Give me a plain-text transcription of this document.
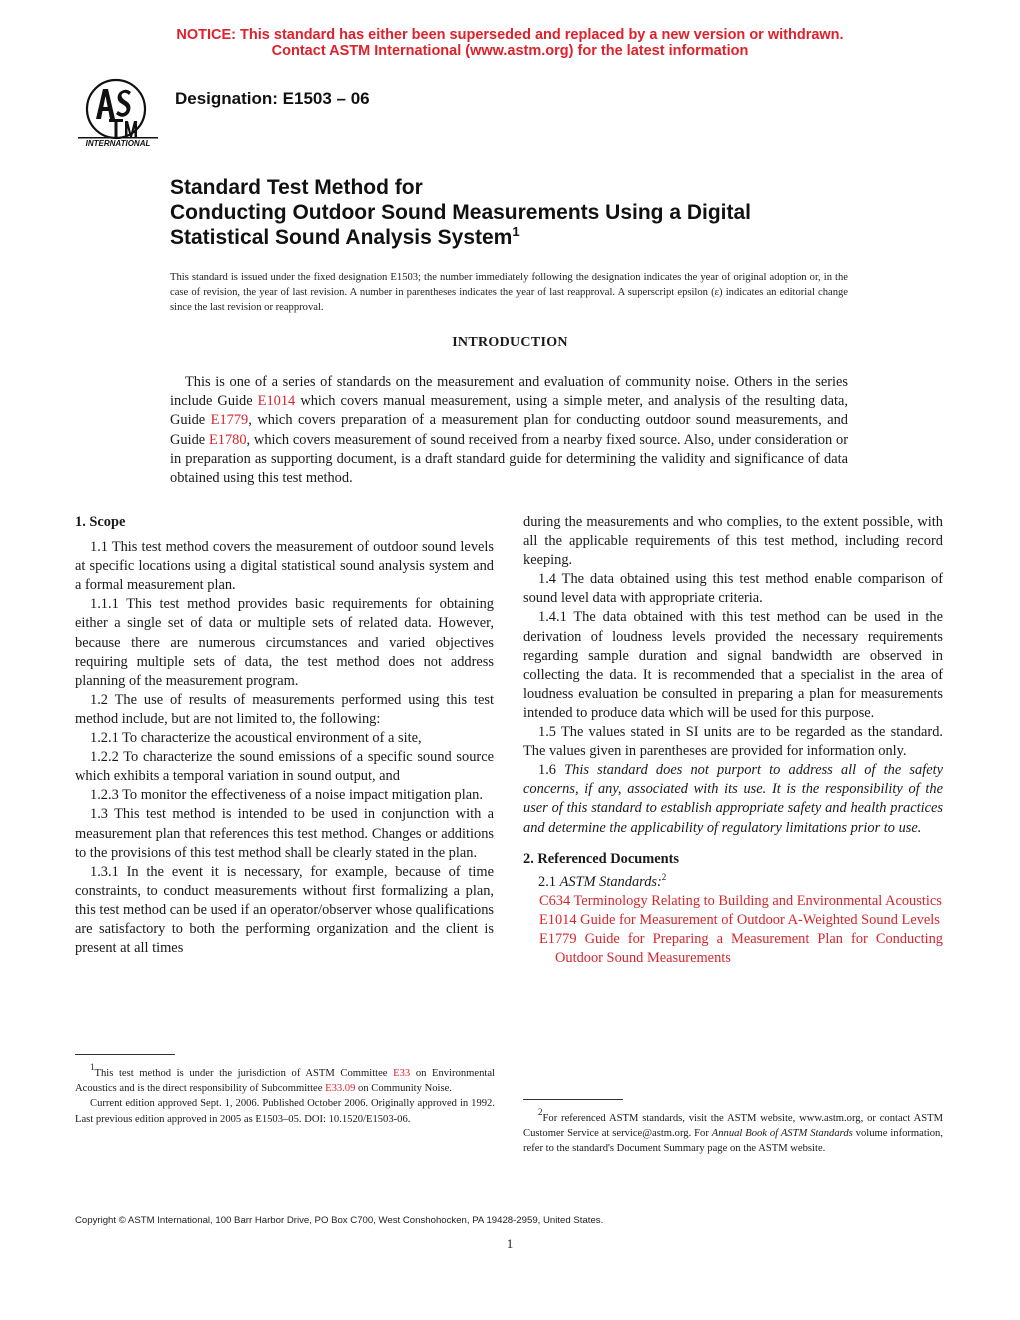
NOTICE: This standard has either been superseded and replaced by a new version or withdrawn.
Contact ASTM International (www.astm.org) for the latest information
INTERNATIONAL
Designation: E1503 – 06
Standard Test Method for
Conducting Outdoor Sound Measurements Using a Digital
Statistical Sound Analysis System$^1$
This standard is issued under the fixed designation E1503; the number immediately following the designation indicates the year of original adoption or, in the case of revision, the year of last revision. A number in parentheses indicates the year of last reapproval. A superscript epsilon (ε) indicates an editorial change since the last revision or reapproval.
INTRODUCTION
This is one of a series of standards on the measurement and evaluation of community noise. Others in the series include Guide E1014 which covers manual measurement, using a simple meter, and analysis of the resulting data, Guide E1779, which covers preparation of a measurement plan for conducting outdoor sound measurements, and Guide E1780, which covers measurement of sound received from a nearby fixed source. Also, under consideration or in preparation as supporting document, is a draft standard guide for determining the validity and significance of data obtained using this test method.
1. Scope

1.1 This test method covers the measurement of outdoor sound levels at specific locations using a digital statistical sound analysis system and a formal measurement plan.

1.1.1 This test method provides basic requirements for obtaining either a single set of data or multiple sets of related data. However, because there are numerous circumstances and varied objectives requiring multiple sets of data, the test method does not address planning of the measurement program.

1.2 The use of results of measurements performed using this test method include, but are not limited to, the following:

1.2.1 To characterize the acoustical environment of a site,

1.2.2 To characterize the sound emissions of a specific sound source which exhibits a temporal variation in sound output, and

1.2.3 To monitor the effectiveness of a noise impact mitigation plan.

1.3 This test method is intended to be used in conjunction with a measurement plan that references this test method. Changes or additions to the provisions of this test method shall be clearly stated in the plan.

1.3.1 In the event it is necessary, for example, because of time constraints, to conduct measurements without first formalizing a plan, this test method can be used if an operator/observer whose qualifications are satisfactory to both the performing organization and the client is present at all times

during the measurements and who complies, to the extent possible, with all the applicable requirements of this test method, including record keeping.

1.4 The data obtained using this test method enable comparison of sound level data with appropriate criteria.

1.4.1 The data obtained with this test method can be used in the derivation of loudness levels provided the necessary requirements regarding sample duration and signal bandwidth are observed in collecting the data. It is recommended that a specialist in the area of loudness evaluation be consulted in preparing a plan for measurements intended to produce data which will be used for this purpose.

1.5 The values stated in SI units are to be regarded as the standard. The values given in parentheses are provided for information only.

1.6 This standard does not purport to address all of the safety concerns, if any, associated with its use. It is the responsibility of the user of this standard to establish appropriate safety and health practices and determine the applicability of regulatory limitations prior to use.

2. Referenced Documents

2.1 ASTM Standards:$^2$

C634 Terminology Relating to Building and Environmental Acoustics

E1014 Guide for Measurement of Outdoor A-Weighted Sound Levels

E1779 Guide for Preparing a Measurement Plan for Conducting Outdoor Sound Measurements

$^1$This test method is under the jurisdiction of ASTM Committee E33 on Environmental Acoustics and is the direct responsibility of Subcommittee E33.09 on Community Noise.

Current edition approved Sept. 1, 2006. Published October 2006. Originally approved in 1992. Last previous edition approved in 2005 as E1503–05. DOI: 10.1520/E1503-06.

$^2$For referenced ASTM standards, visit the ASTM website, www.astm.org, or contact ASTM Customer Service at service@astm.org. For Annual Book of ASTM Standards volume information, refer to the standard's Document Summary page on the ASTM website.

Copyright © ASTM International, 100 Barr Harbor Drive, PO Box C700, West Conshohocken, PA 19428-2959, United States.
1
